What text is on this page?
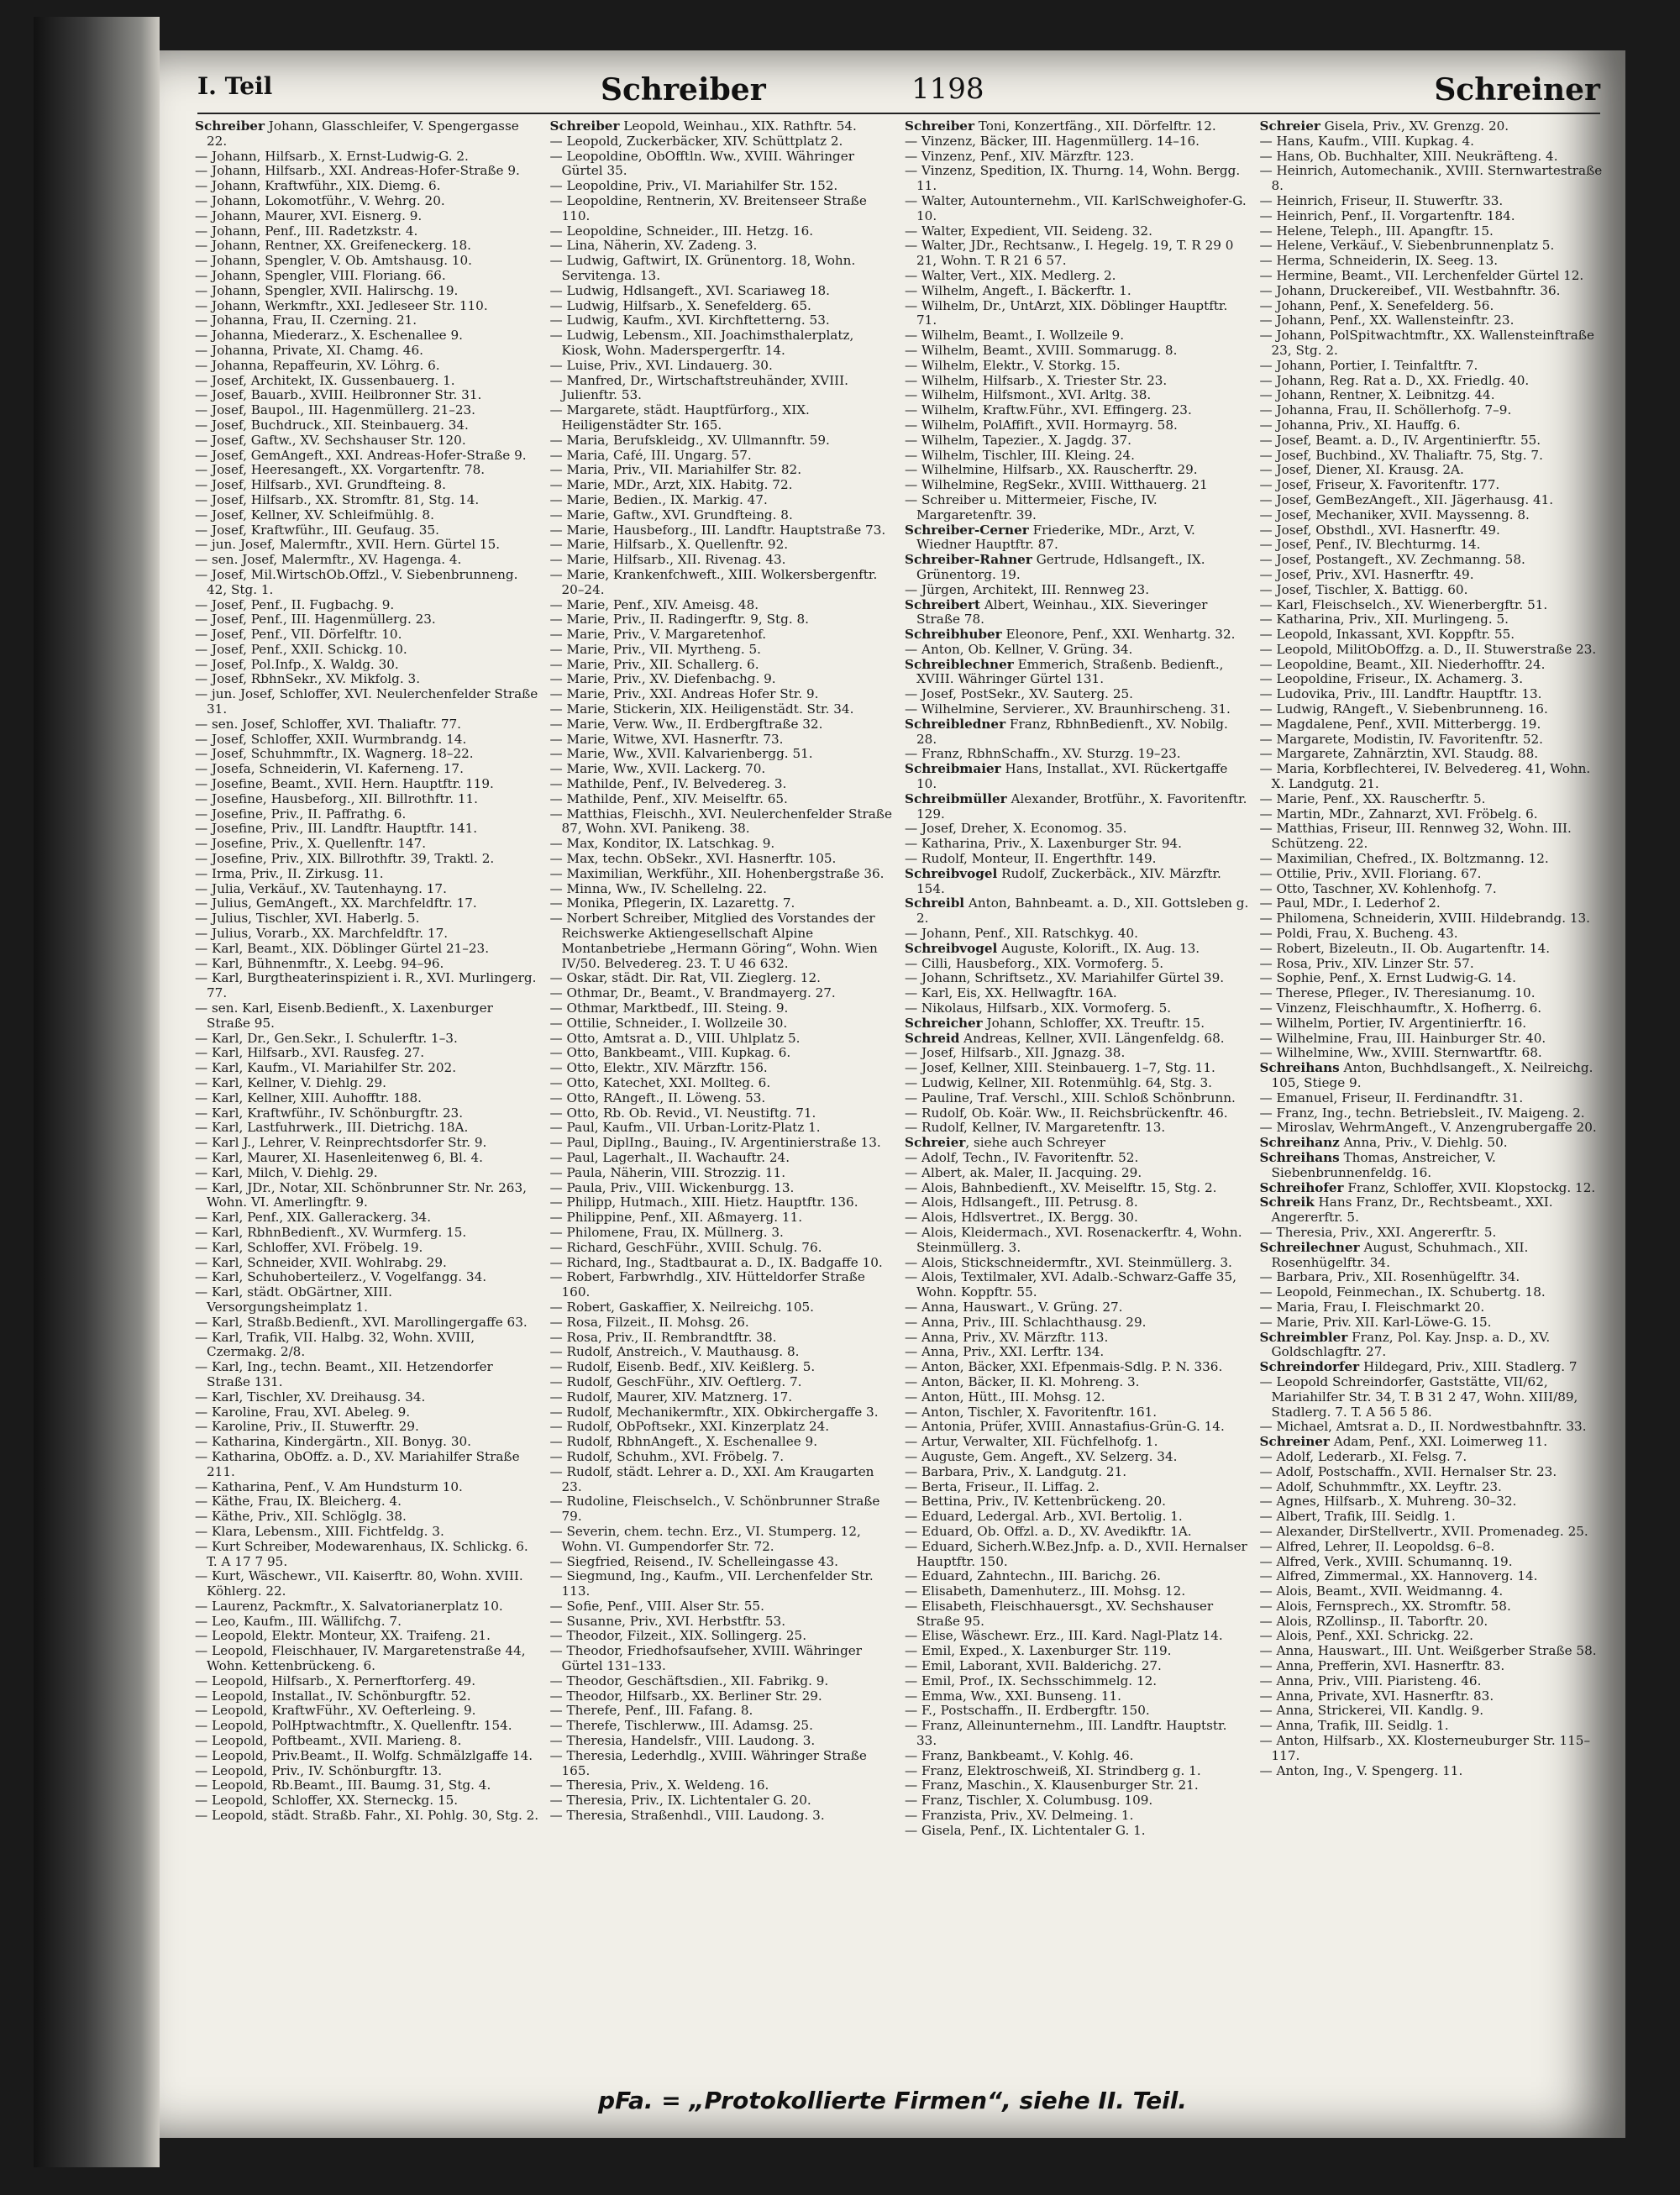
I. Teil	Schreiber	1198	Schreiner

Schreiber Johann, Glasschleifer, V. Spengergasse 22.

— Johann, Hilfsarb., X. Ernst-Ludwig-G. 2.

— Johann, Hilfsarb., XXI. Andreas-Hofer-Straße 9.

— Johann, Kraftwführ., XIX. Diemg. 6.

— Johann, Lokomotführ., V. Wehrg. 20.

— Johann, Maurer, XVI. Eisnerg. 9.

— Johann, Penf., III. Radetzkstr. 4.

— Johann, Rentner, XX. Greifeneckerg. 18.

— Johann, Spengler, V. Ob. Amtshausg. 10.

— Johann, Spengler, VIII. Floriang. 66.

— Johann, Spengler, XVII. Halirschg. 19.

— Johann, Werkmftr., XXI. Jedleseer Str. 110.

— Johanna, Frau, II. Czerning. 21.

— Johanna, Miederarz., X. Eschenallee 9.

— Johanna, Private, XI. Chamg. 46.

— Johanna, Repaffeurin, XV. Löhrg. 6.

— Josef, Architekt, IX. Gussenbauerg. 1.

— Josef, Bauarb., XVIII. Heilbronner Str. 31.

— Josef, Baupol., III. Hagenmüllerg. 21–23.

— Josef, Buchdruck., XII. Steinbauerg. 34.

— Josef, Gaftw., XV. Sechshauser Str. 120.

— Josef, GemAngeft., XXI. Andreas-Hofer-Straße 9.

— Josef, Heeresangeft., XX. Vorgartenftr. 78.

— Josef, Hilfsarb., XVI. Grundfteing. 8.

— Josef, Hilfsarb., XX. Stromftr. 81, Stg. 14.

— Josef, Kellner, XV. Schleifmühlg. 8.

— Josef, Kraftwführ., III. Geufaug. 35.

— jun. Josef, Malermftr., XVII. Hern. Gürtel 15.

— sen. Josef, Malermftr., XV. Hagenga. 4.

— Josef, Mil.WirtschOb.Offzl., V. Siebenbrunneng. 42, Stg. 1.

— Josef, Penf., II. Fugbachg. 9.

— Josef, Penf., III. Hagenmüllerg. 23.

— Josef, Penf., VII. Dörfelftr. 10.

— Josef, Penf., XXII. Schickg. 10.

— Josef, Pol.Infp., X. Waldg. 30.

— Josef, RbhnSekr., XV. Mikfolg. 3.

— jun. Josef, Schloffer, XVI. Neulerchenfelder Straße 31.

— sen. Josef, Schloffer, XVI. Thaliaftr. 77.

— Josef, Schloffer, XXII. Wurmbrandg. 14.

— Josef, Schuhmmftr., IX. Wagnerg. 18–22.

— Josefa, Schneiderin, VI. Kaferneng. 17.

— Josefine, Beamt., XVII. Hern. Hauptftr. 119.

— Josefine, Hausbeforg., XII. Billrothftr. 11.

— Josefine, Priv., II. Paffrathg. 6.

— Josefine, Priv., III. Landftr. Hauptftr. 141.

— Josefine, Priv., X. Quellenftr. 147.

— Josefine, Priv., XIX. Billrothftr. 39, Traktl. 2.

— Irma, Priv., II. Zirkusg. 11.

— Julia, Verkäuf., XV. Tautenhayng. 17.

— Julius, GemAngeft., XX. Marchfeldftr. 17.

— Julius, Tischler, XVI. Haberlg. 5.

— Julius, Vorarb., XX. Marchfeldftr. 17.

— Karl, Beamt., XIX. Döblinger Gürtel 21–23.

— Karl, Bühnenmftr., X. Leebg. 94–96.

— Karl, Burgtheaterinspizient i. R., XVI. Murlingerg. 77.

— sen. Karl, Eisenb.Bedienft., X. Laxenburger Straße 95.

— Karl, Dr., Gen.Sekr., I. Schulerftr. 1–3.

— Karl, Hilfsarb., XVI. Rausfeg. 27.

— Karl, Kaufm., VI. Mariahilfer Str. 202.

— Karl, Kellner, V. Diehlg. 29.

— Karl, Kellner, XIII. Auhofftr. 188.

— Karl, Kraftwführ., IV. Schönburgftr. 23.

— Karl, Lastfuhrwerk., III. Dietrichg. 18A.

— Karl J., Lehrer, V. Reinprechtsdorfer Str. 9.

— Karl, Maurer, XI. Hasenleitenweg 6, Bl. 4.

— Karl, Milch, V. Diehlg. 29.

— Karl, JDr., Notar, XII. Schönbrunner Str. Nr. 263, Wohn. VI. Amerlingftr. 9.

— Karl, Penf., XIX. Gallerackerg. 34.

— Karl, RbhnBedienft., XV. Wurmferg. 15.

— Karl, Schloffer, XVI. Fröbelg. 19.

— Karl, Schneider, XVII. Wohlrabg. 29.

— Karl, Schuhoberteilerz., V. Vogelfangg. 34.

— Karl, städt. ObGärtner, XIII. Versorgungsheimplatz 1.

— Karl, Straßb.Bedienft., XVI. Marollingergaffe 63.

— Karl, Trafik, VII. Halbg. 32, Wohn. XVIII, Czermakg. 2/8.

— Karl, Ing., techn. Beamt., XII. Hetzendorfer Straße 131.

— Karl, Tischler, XV. Dreihausg. 34.

— Karoline, Frau, XVI. Abeleg. 9.

— Karoline, Priv., II. Stuwerftr. 29.

— Katharina, Kindergärtn., XII. Bonyg. 30.

— Katharina, ObOffz. a. D., XV. Mariahilfer Straße 211.

— Katharina, Penf., V. Am Hundsturm 10.

— Käthe, Frau, IX. Bleicherg. 4.

— Käthe, Priv., XII. Schlöglg. 38.

— Klara, Lebensm., XIII. Fichtfeldg. 3.

— Kurt Schreiber, Modewarenhaus, IX. Schlickg. 6. T. A 17 7 95.

— Kurt, Wäschewr., VII. Kaiserftr. 80, Wohn. XVIII. Köhlerg. 22.

— Laurenz, Packmftr., X. Salvatorianerplatz 10.

— Leo, Kaufm., III. Wällifchg. 7.

— Leopold, Elektr. Monteur, XX. Traifeng. 21.

— Leopold, Fleischhauer, IV. Margaretenstraße 44, Wohn. Kettenbrückeng. 6.

— Leopold, Hilfsarb., X. Pernerftorferg. 49.

— Leopold, Installat., IV. Schönburgftr. 52.

— Leopold, KraftwFühr., XV. Oefterleing. 9.

— Leopold, PolHptwachtmftr., X. Quellenftr. 154.

— Leopold, Poftbeamt., XVII. Marieng. 8.

— Leopold, Priv.Beamt., II. Wolfg. Schmälzlgaffe 14.

— Leopold, Priv., IV. Schönburgftr. 13.

— Leopold, Rb.Beamt., III. Baumg. 31, Stg. 4.

— Leopold, Schloffer, XX. Sterneckg. 15.

— Leopold, städt. Straßb. Fahr., XI. Pohlg. 30, Stg. 2.

Schreiber Leopold, Weinhau., XIX. Rathftr. 54.

— Leopold, Zuckerbäcker, XIV. Schüttplatz 2.

— Leopoldine, ObOfftln. Ww., XVIII. Währinger Gürtel 35.

— Leopoldine, Priv., VI. Mariahilfer Str. 152.

— Leopoldine, Rentnerin, XV. Breitenseer Straße 110.

— Leopoldine, Schneider., III. Hetzg. 16.

— Lina, Näherin, XV. Zadeng. 3.

— Ludwig, Gaftwirt, IX. Grünentorg. 18, Wohn. Servitenga. 13.

— Ludwig, Hdlsangeft., XVI. Scariaweg 18.

— Ludwig, Hilfsarb., X. Senefelderg. 65.

— Ludwig, Kaufm., XVI. Kirchftetterng. 53.

— Ludwig, Lebensm., XII. Joachimsthalerplatz, Kiosk, Wohn. Maderspergerftr. 14.

— Luise, Priv., XVI. Lindauerg. 30.

— Manfred, Dr., Wirtschaftstreuhänder, XVIII. Julienftr. 53.

— Margarete, städt. Hauptfürforg., XIX. Heiligenstädter Str. 165.

— Maria, Berufskleidg., XV. Ullmannftr. 59.

— Maria, Café, III. Ungarg. 57.

— Maria, Priv., VII. Mariahilfer Str. 82.

— Marie, MDr., Arzt, XIX. Habitg. 72.

— Marie, Bedien., IX. Markig. 47.

— Marie, Gaftw., XVI. Grundfteing. 8.

— Marie, Hausbeforg., III. Landftr. Hauptstraße 73.

— Marie, Hilfsarb., X. Quellenftr. 92.

— Marie, Hilfsarb., XII. Rivenag. 43.

— Marie, Krankenfchweft., XIII. Wolkersbergenftr. 20–24.

— Marie, Penf., XIV. Ameisg. 48.

— Marie, Priv., II. Radingerftr. 9, Stg. 8.

— Marie, Priv., V. Margaretenhof.

— Marie, Priv., VII. Myrtheng. 5.

— Marie, Priv., XII. Schallerg. 6.

— Marie, Priv., XV. Diefenbachg. 9.

— Marie, Priv., XXI. Andreas Hofer Str. 9.

— Marie, Stickerin, XIX. Heiligenstädt. Str. 34.

— Marie, Verw. Ww., II. Erdbergftraße 32.

— Marie, Witwe, XVI. Hasnerftr. 73.

— Marie, Ww., XVII. Kalvarienbergg. 51.

— Marie, Ww., XVII. Lackerg. 70.

— Mathilde, Penf., IV. Belvedereg. 3.

— Mathilde, Penf., XIV. Meiselftr. 65.

— Matthias, Fleischh., XVI. Neulerchenfelder Straße 87, Wohn. XVI. Panikeng. 38.

— Max, Konditor, IX. Latschkag. 9.

— Max, techn. ObSekr., XVI. Hasnerftr. 105.

— Maximilian, Werkführ., XII. Hohenbergstraße 36.

— Minna, Ww., IV. Schellelng. 22.

— Monika, Pflegerin, IX. Lazarettg. 7.

— Norbert Schreiber, Mitglied des Vorstandes der Reichswerke Aktiengesellschaft Alpine Montanbetriebe „Hermann Göring“, Wohn. Wien IV/50. Belvedereg. 23. T. U 46 632.

— Oskar, städt. Dir. Rat, VII. Zieglerg. 12.

— Othmar, Dr., Beamt., V. Brandmayerg. 27.

— Othmar, Marktbedf., III. Steing. 9.

— Ottilie, Schneider., I. Wollzeile 30.

— Otto, Amtsrat a. D., VIII. Uhlplatz 5.

— Otto, Bankbeamt., VIII. Kupkag. 6.

— Otto, Elektr., XIV. Märzftr. 156.

— Otto, Katechet, XXI. Mollteg. 6.

— Otto, RAngeft., II. Löweng. 53.

— Otto, Rb. Ob. Revid., VI. Neustiftg. 71.

— Paul, Kaufm., VII. Urban-Loritz-Platz 1.

— Paul, DiplIng., Bauing., IV. Argentinierstraße 13.

— Paul, Lagerhalt., II. Wachauftr. 24.

— Paula, Näherin, VIII. Strozzig. 11.

— Paula, Priv., VIII. Wickenburgg. 13.

— Philipp, Hutmach., XIII. Hietz. Hauptftr. 136.

— Philippine, Penf., XII. Aßmayerg. 11.

— Philomene, Frau, IX. Müllnerg. 3.

— Richard, GeschFühr., XVIII. Schulg. 76.

— Richard, Ing., Stadtbaurat a. D., IX. Badgaffe 10.

— Robert, Farbwrhdlg., XIV. Hütteldorfer Straße 160.

— Robert, Gaskaffier, X. Neilreichg. 105.

— Rosa, Filzeit., II. Mohsg. 26.

— Rosa, Priv., II. Rembrandtftr. 38.

— Rudolf, Anstreich., V. Mauthausg. 8.

— Rudolf, Eisenb. Bedf., XIV. Keißlerg. 5.

— Rudolf, GeschFühr., XIV. Oeftlerg. 7.

— Rudolf, Maurer, XIV. Matznerg. 17.

— Rudolf, Mechanikermftr., XIX. Obkirchergaffe 3.

— Rudolf, ObPoftsekr., XXI. Kinzerplatz 24.

— Rudolf, RbhnAngeft., X. Eschenallee 9.

— Rudolf, Schuhm., XVI. Fröbelg. 7.

— Rudolf, städt. Lehrer a. D., XXI. Am Kraugarten 23.

— Rudoline, Fleischselch., V. Schönbrunner Straße 79.

— Severin, chem. techn. Erz., VI. Stumperg. 12, Wohn. VI. Gumpendorfer Str. 72.

— Siegfried, Reisend., IV. Schelleingasse 43.

— Siegmund, Ing., Kaufm., VII. Lerchenfelder Str. 113.

— Sofie, Penf., VIII. Alser Str. 55.

— Susanne, Priv., XVI. Herbstftr. 53.

— Theodor, Filzeit., XIX. Sollingerg. 25.

— Theodor, Friedhofsaufseher, XVIII. Währinger Gürtel 131–133.

— Theodor, Geschäftsdien., XII. Fabrikg. 9.

— Theodor, Hilfsarb., XX. Berliner Str. 29.

— Therefe, Penf., III. Fafang. 8.

— Therefe, Tischlerww., III. Adamsg. 25.

— Theresia, Handelsfr., VIII. Laudong. 3.

— Theresia, Lederhdlg., XVIII. Währinger Straße 165.

— Theresia, Priv., X. Weldeng. 16.

— Theresia, Priv., IX. Lichtentaler G. 20.

— Theresia, Straßenhdl., VIII. Laudong. 3.

Schreiber Toni, Konzertfäng., XII. Dörfelftr. 12.

— Vinzenz, Bäcker, III. Hagenmüllerg. 14–16.

— Vinzenz, Penf., XIV. Märzftr. 123.

— Vinzenz, Spedition, IX. Thurng. 14, Wohn. Bergg. 11.

— Walter, Autounternehm., VII. KarlSchweighofer-G. 10.

— Walter, Expedient, VII. Seideng. 32.

— Walter, JDr., Rechtsanw., I. Hegelg. 19, T. R 29 0 21, Wohn. T. R 21 6 57.

— Walter, Vert., XIX. Medlerg. 2.

— Wilhelm, Angeft., I. Bäckerftr. 1.

— Wilhelm, Dr., UntArzt, XIX. Döblinger Hauptftr. 71.

— Wilhelm, Beamt., I. Wollzeile 9.

— Wilhelm, Beamt., XVIII. Sommarugg. 8.

— Wilhelm, Elektr., V. Storkg. 15.

— Wilhelm, Hilfsarb., X. Triester Str. 23.

— Wilhelm, Hilfsmont., XVI. Arltg. 38.

— Wilhelm, Kraftw.Führ., XVI. Effingerg. 23.

— Wilhelm, PolAffift., XVII. Hormayrg. 58.

— Wilhelm, Tapezier., X. Jagdg. 37.

— Wilhelm, Tischler, III. Kleing. 24.

— Wilhelmine, Hilfsarb., XX. Rauscherftr. 29.

— Wilhelmine, RegSekr., XVIII. Witthauerg. 21

— Schreiber u. Mittermeier, Fische, IV. Margaretenftr. 39.

Schreiber-Cerner Friederike, MDr., Arzt, V. Wiedner Hauptftr. 87.

Schreiber-Rahner Gertrude, Hdlsangeft., IX. Grünentorg. 19.

— Jürgen, Architekt, III. Rennweg 23.

Schreibert Albert, Weinhau., XIX. Sieveringer Straße 78.

Schreibhuber Eleonore, Penf., XXI. Wenhartg. 32.

— Anton, Ob. Kellner, V. Grüng. 34.

Schreiblechner Emmerich, Straßenb. Bedienft., XVIII. Währinger Gürtel 131.

— Josef, PostSekr., XV. Sauterg. 25.

— Wilhelmine, Servierer., XV. Braunhirscheng. 31.

Schreibledner Franz, RbhnBedienft., XV. Nobilg. 28.

— Franz, RbhnSchaffn., XV. Sturzg. 19–23.

Schreibmaier Hans, Installat., XVI. Rückertgaffe 10.

Schreibmüller Alexander, Brotführ., X. Favoritenftr. 129.

— Josef, Dreher, X. Economog. 35.

— Katharina, Priv., X. Laxenburger Str. 94.

— Rudolf, Monteur, II. Engerthftr. 149.

Schreibvogel Rudolf, Zuckerbäck., XIV. Märzftr. 154.

Schreibl Anton, Bahnbeamt. a. D., XII. Gottsleben g. 2.

— Johann, Penf., XII. Ratschkyg. 40.

Schreibvogel Auguste, Kolorift., IX. Aug. 13.

— Cilli, Hausbeforg., XIX. Vormoferg. 5.

— Johann, Schriftsetz., XV. Mariahilfer Gürtel 39.

— Karl, Eis, XX. Hellwagftr. 16A.

— Nikolaus, Hilfsarb., XIX. Vormoferg. 5.

Schreicher Johann, Schloffer, XX. Treuftr. 15.

Schreid Andreas, Kellner, XVII. Längenfeldg. 68.

— Josef, Hilfsarb., XII. Jgnazg. 38.

— Josef, Kellner, XIII. Steinbauerg. 1–7, Stg. 11.

— Ludwig, Kellner, XII. Rotenmühlg. 64, Stg. 3.

— Pauline, Traf. Verschl., XIII. Schloß Schönbrunn.

— Rudolf, Ob. Koär. Ww., II. Reichsbrückenftr. 46.

— Rudolf, Kellner, IV. Margaretenftr. 13.

Schreier, siehe auch Schreyer

— Adolf, Techn., IV. Favoritenftr. 52.

— Albert, ak. Maler, II. Jacquing. 29.

— Alois, Bahnbedienft., XV. Meiselftr. 15, Stg. 2.

— Alois, Hdlsangeft., III. Petrusg. 8.

— Alois, Hdlsvertret., IX. Bergg. 30.

— Alois, Kleidermach., XVI. Rosenackerftr. 4, Wohn. Steinmüllerg. 3.

— Alois, Stickschneidermftr., XVI. Steinmüllerg. 3.

— Alois, Textilmaler, XVI. Adalb.-Schwarz-Gaffe 35, Wohn. Koppftr. 55.

— Anna, Hauswart., V. Grüng. 27.

— Anna, Priv., III. Schlachthausg. 29.

— Anna, Priv., XV. Märzftr. 113.

— Anna, Priv., XXI. Lerftr. 134.

— Anton, Bäcker, XXI. Efpenmais-Sdlg. P. N. 336.

— Anton, Bäcker, II. Kl. Mohreng. 3.

— Anton, Hütt., III. Mohsg. 12.

— Anton, Tischler, X. Favoritenftr. 161.

— Antonia, Prüfer, XVIII. Annastafius-Grün-G. 14.

— Artur, Verwalter, XII. Füchfelhofg. 1.

— Auguste, Gem. Angeft., XV. Selzerg. 34.

— Barbara, Priv., X. Landgutg. 21.

— Berta, Friseur., II. Liffag. 2.

— Bettina, Priv., IV. Kettenbrückeng. 20.

— Eduard, Ledergal. Arb., XVI. Bertolig. 1.

— Eduard, Ob. Offzl. a. D., XV. Avedikftr. 1A.

— Eduard, Sicherh.W.Bez.Jnfp. a. D., XVII. Hernalser Hauptftr. 150.

— Eduard, Zahntechn., III. Barichg. 26.

— Elisabeth, Damenhuterz., III. Mohsg. 12.

— Elisabeth, Fleischhauersgt., XV. Sechshauser Straße 95.

— Elise, Wäschewr. Erz., III. Kard. Nagl-Platz 14.

— Emil, Exped., X. Laxenburger Str. 119.

— Emil, Laborant, XVII. Balderichg. 27.

— Emil, Prof., IX. Sechsschimmelg. 12.

— Emma, Ww., XXI. Bunseng. 11.

— F., Postschaffn., II. Erdbergftr. 150.

— Franz, Alleinunternehm., III. Landftr. Hauptstr. 33.

— Franz, Bankbeamt., V. Kohlg. 46.

— Franz, Elektroschweiß, XI. Strindberg g. 1.

— Franz, Maschin., X. Klausenburger Str. 21.

— Franz, Tischler, X. Columbusg. 109.

— Franzista, Priv., XV. Delmeing. 1.

— Gisela, Penf., IX. Lichtentaler G. 1.

Schreier Gisela, Priv., XV. Grenzg. 20.

— Hans, Kaufm., VIII. Kupkag. 4.

— Hans, Ob. Buchhalter, XIII. Neukräfteng. 4.

— Heinrich, Automechanik., XVIII. Sternwartestraße 8.

— Heinrich, Friseur, II. Stuwerftr. 33.

— Heinrich, Penf., II. Vorgartenftr. 184.

— Helene, Teleph., III. Apangftr. 15.

— Helene, Verkäuf., V. Siebenbrunnenplatz 5.

— Herma, Schneiderin, IX. Seeg. 13.

— Hermine, Beamt., VII. Lerchenfelder Gürtel 12.

— Johann, Druckereibef., VII. Westbahnftr. 36.

— Johann, Penf., X. Senefelderg. 56.

— Johann, Penf., XX. Wallensteinftr. 23.

— Johann, PolSpitwachtmftr., XX. Wallensteinftraße 23, Stg. 2.

— Johann, Portier, I. Teinfaltftr. 7.

— Johann, Reg. Rat a. D., XX. Friedlg. 40.

— Johann, Rentner, X. Leibnitzg. 44.

— Johanna, Frau, II. Schöllerhofg. 7–9.

— Johanna, Priv., XI. Hauffg. 6.

— Josef, Beamt. a. D., IV. Argentinierftr. 55.

— Josef, Buchbind., XV. Thaliaftr. 75, Stg. 7.

— Josef, Diener, XI. Krausg. 2A.

— Josef, Friseur, X. Favoritenftr. 177.

— Josef, GemBezAngeft., XII. Jägerhausg. 41.

— Josef, Mechaniker, XVII. Mayssenng. 8.

— Josef, Obsthdl., XVI. Hasnerftr. 49.

— Josef, Penf., IV. Blechturmg. 14.

— Josef, Postangeft., XV. Zechmanng. 58.

— Josef, Priv., XVI. Hasnerftr. 49.

— Josef, Tischler, X. Battigg. 60.

— Karl, Fleischselch., XV. Wienerbergftr. 51.

— Katharina, Priv., XII. Murlingeng. 5.

— Leopold, Inkassant, XVI. Koppftr. 55.

— Leopold, MilitObOffzg. a. D., II. Stuwerstraße 23.

— Leopoldine, Beamt., XII. Niederhofftr. 24.

— Leopoldine, Friseur., IX. Achamerg. 3.

— Ludovika, Priv., III. Landftr. Hauptftr. 13.

— Ludwig, RAngeft., V. Siebenbrunneng. 16.

— Magdalene, Penf., XVII. Mitterbergg. 19.

— Margarete, Modistin, IV. Favoritenftr. 52.

— Margarete, Zahnärztin, XVI. Staudg. 88.

— Maria, Korbflechterei, IV. Belvedereg. 41, Wohn. X. Landgutg. 21.

— Marie, Penf., XX. Rauscherftr. 5.

— Martin, MDr., Zahnarzt, XVI. Fröbelg. 6.

— Matthias, Friseur, III. Rennweg 32, Wohn. III. Schützeng. 22.

— Maximilian, Chefred., IX. Boltzmanng. 12.

— Ottilie, Priv., XVII. Floriang. 67.

— Otto, Taschner, XV. Kohlenhofg. 7.

— Paul, MDr., I. Lederhof 2.

— Philomena, Schneiderin, XVIII. Hildebrandg. 13.

— Poldi, Frau, X. Bucheng. 43.

— Robert, Bizeleutn., II. Ob. Augartenftr. 14.

— Rosa, Priv., XIV. Linzer Str. 57.

— Sophie, Penf., X. Ernst Ludwig-G. 14.

— Therese, Pfleger., IV. Theresianumg. 10.

— Vinzenz, Fleischhaumftr., X. Hofherrg. 6.

— Wilhelm, Portier, IV. Argentinierftr. 16.

— Wilhelmine, Frau, III. Hainburger Str. 40.

— Wilhelmine, Ww., XVIII. Sternwartftr. 68.

Schreihans Anton, Buchhdlsangeft., X. Neilreichg. 105, Stiege 9.

— Emanuel, Friseur, II. Ferdinandftr. 31.

— Franz, Ing., techn. Betriebsleit., IV. Maigeng. 2.

— Miroslav, WehrmAngeft., V. Anzengrubergaffe 20.

Schreihanz Anna, Priv., V. Diehlg. 50.

Schreihans Thomas, Anstreicher, V. Siebenbrunnenfeldg. 16.

Schreihofer Franz, Schloffer, XVII. Klopstockg. 12.

Schreik Hans Franz, Dr., Rechtsbeamt., XXI. Angererftr. 5.

— Theresia, Priv., XXI. Angererftr. 5.

Schreilechner August, Schuhmach., XII. Rosenhügelftr. 34.

— Barbara, Priv., XII. Rosenhügelftr. 34.

— Leopold, Feinmechan., IX. Schubertg. 18.

— Maria, Frau, I. Fleischmarkt 20.

— Marie, Priv. XII. Karl-Löwe-G. 15.

Schreimbler Franz, Pol. Kay. Jnsp. a. D., XV. Goldschlagftr. 27.

Schreindorfer Hildegard, Priv., XIII. Stadlerg. 7

— Leopold Schreindorfer, Gaststätte, VII/62, Mariahilfer Str. 34, T. B 31 2 47, Wohn. XIII/89, Stadlerg. 7. T. A 56 5 86.

— Michael, Amtsrat a. D., II. Nordwestbahnftr. 33.

Schreiner Adam, Penf., XXI. Loimerweg 11.

— Adolf, Lederarb., XI. Felsg. 7.

— Adolf, Postschaffn., XVII. Hernalser Str. 23.

— Adolf, Schuhmmftr., XX. Leyftr. 23.

— Agnes, Hilfsarb., X. Muhreng. 30–32.

— Albert, Trafik, III. Seidlg. 1.

— Alexander, DirStellvertr., XVII. Promenadeg. 25.

— Alfred, Lehrer, II. Leopoldsg. 6–8.

— Alfred, Verk., XVIII. Schumannq. 19.

— Alfred, Zimmermal., XX. Hannoverg. 14.

— Alois, Beamt., XVII. Weidmanng. 4.

— Alois, Fernsprech., XX. Stromftr. 58.

— Alois, RZollinsp., II. Taborftr. 20.

— Alois, Penf., XXI. Schrickg. 22.

— Anna, Hauswart., III. Unt. Weißgerber Straße 58.

— Anna, Prefferin, XVI. Hasnerftr. 83.

— Anna, Priv., VIII. Piaristeng. 46.

— Anna, Private, XVI. Hasnerftr. 83.

— Anna, Strickerei, VII. Kandlg. 9.

— Anna, Trafik, III. Seidlg. 1.

— Anton, Hilfsarb., XX. Klosterneuburger Str. 115–117.

— Anton, Ing., V. Spengerg. 11.

pFa. = „Protokollierte Firmen“, siehe II. Teil.
